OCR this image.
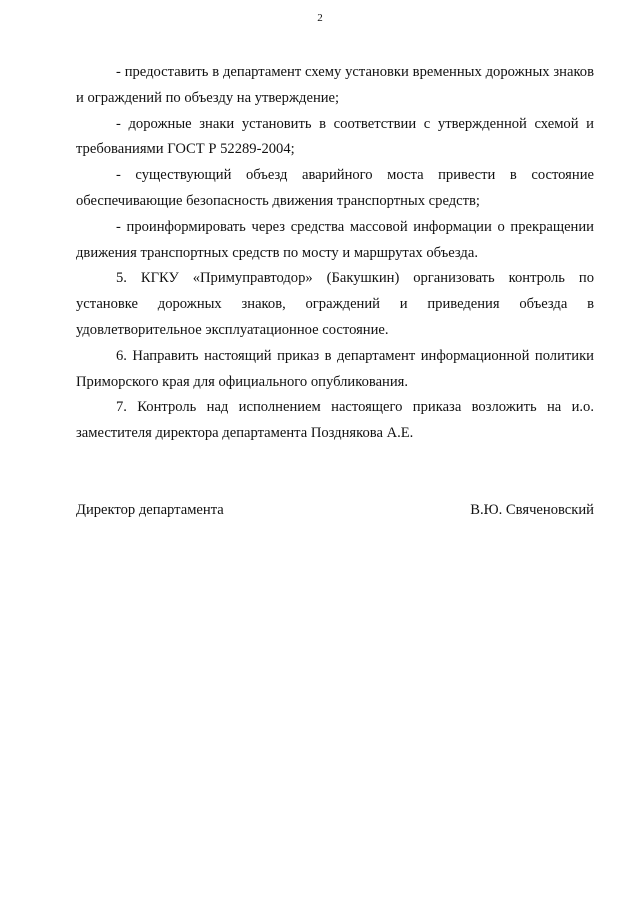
2

- предоставить в департамент схему установки временных дорожных знаков и ограждений по объезду на утверждение;

- дорожные знаки установить в соответствии с утвержденной схемой и требованиями ГОСТ Р 52289-2004;

- существующий объезд аварийного моста привести в состояние обеспечивающие безопасность движения транспортных средств;

- проинформировать через средства массовой информации о прекращении движения транспортных средств по мосту и маршрутах объезда.

5. КГКУ «Примуправтодор» (Бакушкин) организовать контроль по установке дорожных знаков, ограждений и приведения объезда в удовлетворительное эксплуатационное состояние.

6. Направить настоящий приказ в департамент информационной политики Приморского края для официального опубликования.

7. Контроль над исполнением настоящего приказа возложить на и.о. заместителя директора департамента Позднякова А.Е.

Директор департамента	В.Ю. Свяченовский
